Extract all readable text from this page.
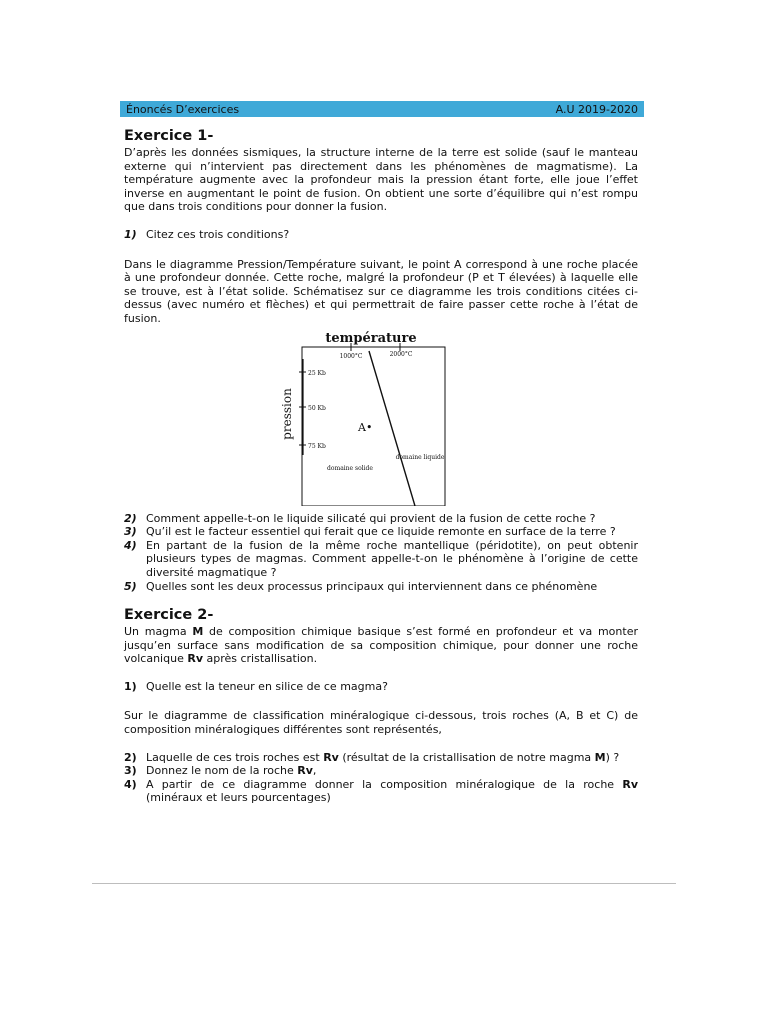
Énoncés D’exercices	A.U 2019-2020
Exercice 1-

D’après les données sismiques, la structure interne de la terre est solide (sauf le manteau externe qui n’intervient pas directement dans les phénomènes de magmatisme). La température augmente avec la profondeur mais la pression étant forte, elle joue l’effet inverse en augmentant le point de fusion. On obtient une sorte d’équilibre qui n’est rompu que dans trois conditions pour donner la fusion.

1) Citez ces trois conditions?

Dans le diagramme Pression/Température suivant, le point A correspond à une roche placée à une profondeur donnée. Cette roche, malgré la profondeur (P et T élevées) à laquelle elle se trouve, est à l’état solide. Schématisez sur ce diagramme les trois conditions citées ci-dessus (avec numéro et flèches) et qui permettrait de faire passer cette roche à l’état de fusion.

température
1000°C	2000°C
25 Kb
50 Kb
75 Kb
pression	A•
domaine solide
domaine liquide
2) Comment appelle-t-on le liquide silicaté qui provient de la fusion de cette roche ?
3) Qu’il est le facteur essentiel qui ferait que ce liquide remonte en surface de la terre ?
4) En partant de la fusion de la même roche mantellique (péridotite), on peut obtenir plusieurs types de magmas. Comment appelle-t-on le phénomène à l’origine de cette diversité magmatique ?
5) Quelles sont les deux processus principaux qui interviennent dans ce phénomène
Exercice 2-

Un magma M de composition chimique basique s’est formé en profondeur et va monter jusqu’en surface sans modification de sa composition chimique, pour donner une roche volcanique Rv après cristallisation.

1) Quelle est la teneur en silice de ce magma?

Sur le diagramme de classification minéralogique ci-dessous, trois roches (A, B et C) de composition minéralogiques différentes sont représentés,

2) Laquelle de ces trois roches est Rv (résultat de la cristallisation de notre magma M) ?
3) Donnez le nom de la roche Rv,
4) A partir de ce diagramme donner la composition minéralogique de la roche Rv (minéraux et leurs pourcentages)
